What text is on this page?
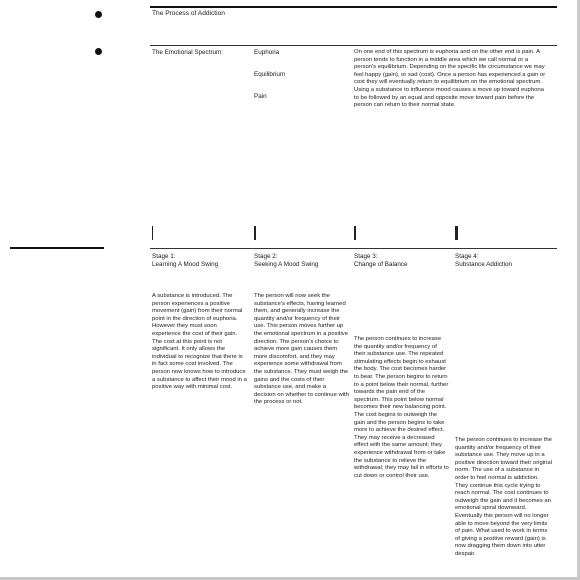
The Process of Addiction
The Emotional Spectrum:	Euphoria
Equilibrium
Pain
On one end of this spectrum is euphoria and on the other end is pain. A person tends to function in a middle area which we call normal or a person's equilibrium. Depending on the specific life circumstance we may feel happy (gain), or sad (cost). Once a person has experienced a gain or cost they will eventually return to equilibrium on the emotional spectrum. Using a substance to influence mood causes a move up toward euphona to be followed by an equal and opposite move toward pain before the person can return to their normal state.
Stage 1:
Learning A Mood Swing
Stage 2:
Seeking A Mood Swing
Stage 3:
Change of Balance
Stage 4:
Substance Addiction
A substance is introduced. The person experiences a positive movement (gain) from their normal point in the direction of euphoria. However they must soon experience the cost of their gain. The cost at this point is not significant. It only allows the individual to recognize that there is in fact some cost involved. The person now knows how to introduce a substance to affect their mood in a positive way with minimal cost.
The person will now seek the substance's effects, having learned them, and generally increase the quantity and/or frequency of their use. This person moves further up the emotional spectrum in a positive direction. The person's choice to achieve more gain causes them more discomfort, and they may experience some withdrawal from the substance. They must weigh the gains and the costs of their substance use, and make a decision on whether to continue with the process or not.
The person continues to increase the quantity and/or frequency of their substance use. The repeated stimulating effects begin to exhaust the body. The cost becomes harder to bear. The person begins to return to a point below their normal, further towards the pain end of the spectrum. This point below normal becomes their new balancing point. The cost begins to outweigh the gain and the person begins to take more to achieve the desired effect. They may receive a decreased effect with the same amount; they experience withdrawal from or take the substance to relieve the withdrawal; they may fail in efforts to cut down or control their use.
The person continues to increase the quantity and/or frequency of their substance use. They move up in a positive direction toward their original norm. The use of a substance in order to feel normal is addiction. They continue this cycle trying to reach normal. The cost continues to outweigh the gain and it becomes an emotional spiral downward. Eventually this person will no longer able to move beyond the very limits of pain. What used to work in terms of giving a positive reward (gain) is now dragging them down into utter despair.
